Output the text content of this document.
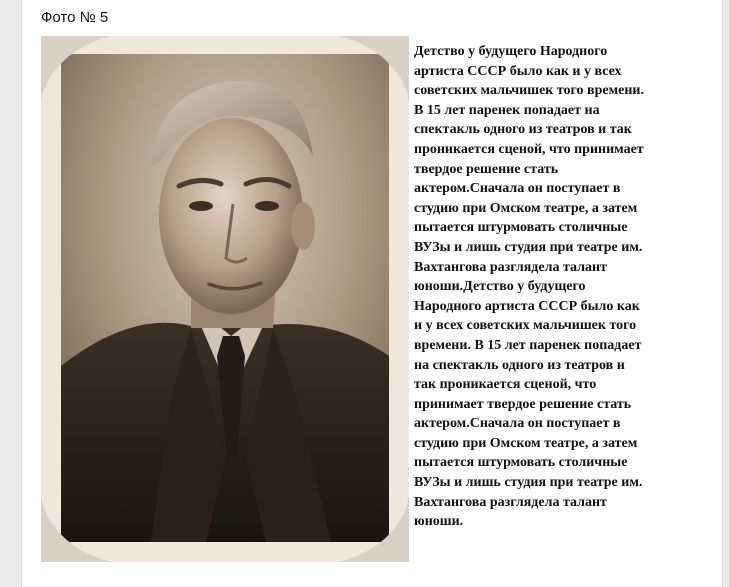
Фото № 5
Детство у будущего Народного
артиста СССР было как и у всех
советских мальчишек того времени.
В 15 лет паренек попадает на
спектакль одного из театров и так
проникается сценой, что принимает
твердое решение стать
актером.Сначала он поступает в
студию при Омском театре, а затем
пытается штурмовать столичные
ВУЗы и лишь студия при театре им.
Вахтангова разглядела талант
юноши.Детство у будущего
Народного артиста СССР было как
и у всех советских мальчишек того
времени. В 15 лет паренек попадает
на спектакль одного из театров и
так проникается сценой, что
принимает твердое решение стать
актером.Сначала он поступает в
студию при Омском театре, а затем
пытается штурмовать столичные
ВУЗы и лишь студия при театре им.
Вахтангова разглядела талант
юноши.
